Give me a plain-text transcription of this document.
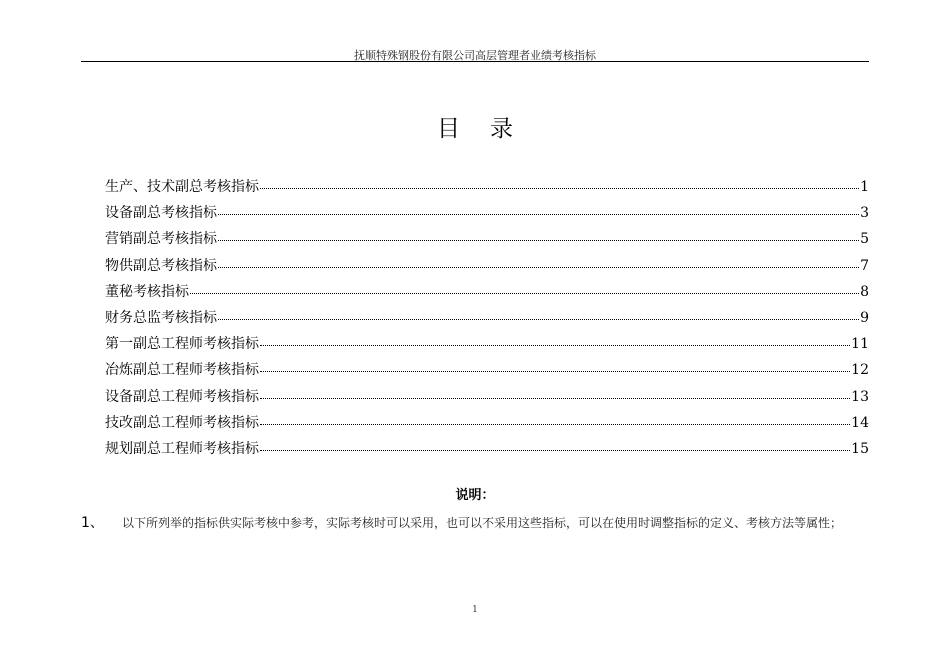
抚顺特殊钢股份有限公司高层管理者业绩考核指标
目 录
生产、技术副总考核指标	1
设备副总考核指标	3
营销副总考核指标	5
物供副总考核指标	7
董秘考核指标	8
财务总监考核指标	9
第一副总工程师考核指标	11
冶炼副总工程师考核指标	12
设备副总工程师考核指标	13
技改副总工程师考核指标	14
规划副总工程师考核指标	15
说明：
1、 以下所列举的指标供实际考核中参考，实际考核时可以采用，也可以不采用这些指标，可以在使用时调整指标的定义、考核方法等属性；
1
